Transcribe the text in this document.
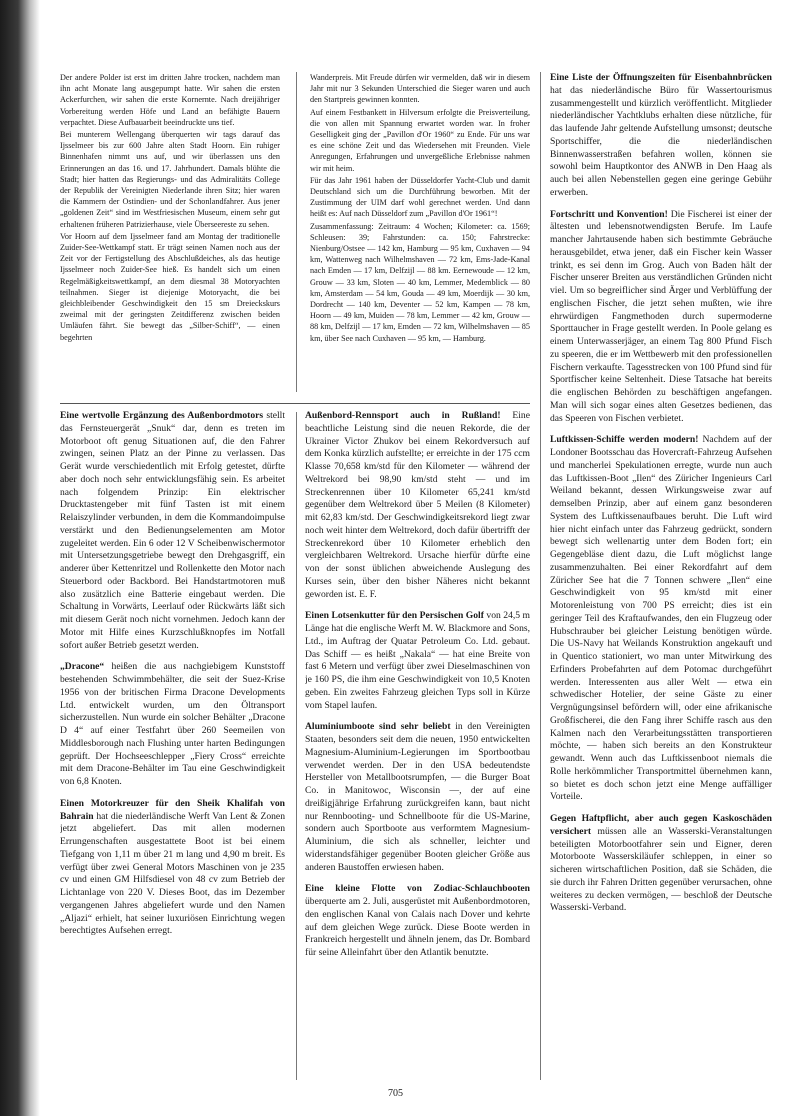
Der andere Polder ist erst im dritten Jahre trocken, nachdem man ihn acht Monate lang ausgepumpt hatte. Wir sahen die ersten Ackerfurchen, wir sahen die erste Kornernte. Nach dreijähriger Vorbereitung werden Höfe und Land an befähigte Bauern verpachtet. Diese Aufbauarbeit beeindruckte uns tief.

Bei munterem Wellengang überquerten wir tags darauf das Ijsselmeer bis zur 600 Jahre alten Stadt Hoorn. Ein ruhiger Binnenhafen nimmt uns auf, und wir überlassen uns den Erinnerungen an das 16. und 17. Jahrhundert. Damals blühte die Stadt; hier hatten das Regierungs- und das Admiralitäts College der Republik der Vereinigten Niederlande ihren Sitz; hier waren die Kammern der Ostindien- und der Schonlandfahrer. Aus jener „goldenen Zeit“ sind im Westfriesischen Museum, einem sehr gut erhaltenen früheren Patrizierhause, viele Überseereste zu sehen.

Vor Hoorn auf dem Ijsselmeer fand am Montag der traditionelle Zuider-See-Wettkampf statt. Er trägt seinen Namen noch aus der Zeit vor der Fertigstellung des Abschlußdeiches, als das heutige Ijsselmeer noch Zuider-See hieß. Es handelt sich um einen Regelmäßigkeitswettkampf, an dem diesmal 38 Motoryachten teilnahmen. Sieger ist diejenige Motoryacht, die bei gleichbleibender Geschwindigkeit den 15 sm Dreieckskurs zweimal mit der geringsten Zeitdifferenz zwischen beiden Umläufen fährt. Sie bewegt das „Silber-Schiff“, — einen begehrten

Wanderpreis. Mit Freude dürfen wir vermelden, daß wir in diesem Jahr mit nur 3 Sekunden Unterschied die Sieger waren und auch den Startpreis gewinnen konnten.

Auf einem Festbankett in Hilversum erfolgte die Preisverteilung, die von allen mit Spannung erwartet worden war. In froher Geselligkeit ging der „Pavillon d'Or 1960“ zu Ende. Für uns war es eine schöne Zeit und das Wiedersehen mit Freunden. Viele Anregungen, Erfahrungen und unvergeßliche Erlebnisse nahmen wir mit heim.

Für das Jahr 1961 haben der Düsseldorfer Yacht-Club und damit Deutschland sich um die Durchführung beworben. Mit der Zustimmung der UIM darf wohl gerechnet werden. Und dann heißt es: Auf nach Düsseldorf zum „Pavillon d'Or 1961“!

Zusammenfassung: Zeitraum: 4 Wochen; Kilometer: ca. 1569; Schleusen: 39; Fahrstunden: ca. 150; Fahrstrecke: Nienburg/Ostsee — 142 km, Hamburg — 95 km, Cuxhaven — 94 km, Wattenweg nach Wilhelmshaven — 72 km, Ems-Jade-Kanal nach Emden — 17 km, Delfzijl — 88 km. Eernewoude — 12 km, Grouw — 33 km, Sloten — 40 km, Lemmer, Medemblick — 80 km, Amsterdam — 54 km, Gouda — 49 km, Moerdijk — 30 km, Dordrecht — 140 km, Deventer — 52 km, Kampen — 78 km, Hoorn — 49 km, Muiden — 78 km, Lemmer — 42 km, Grouw — 88 km, Delfzijl — 17 km, Emden — 72 km, Wilhelmshaven — 85 km, über See nach Cuxhaven — 95 km, — Hamburg.

Eine wertvolle Ergänzung des Außenbordmotors stellt das Fernsteuergerät „Snuk“ dar, denn es treten im Motorboot oft genug Situationen auf, die den Fahrer zwingen, seinen Platz an der Pinne zu verlassen. Das Gerät wurde verschiedentlich mit Erfolg getestet, dürfte aber doch noch sehr entwicklungsfähig sein. Es arbeitet nach folgendem Prinzip: Ein elektrischer Drucktastengeber mit fünf Tasten ist mit einem Relaiszylinder verbunden, in dem die Kommandoimpulse verstärkt und den Bedienungselementen am Motor zugeleitet werden. Ein 6 oder 12 V Scheibenwischermotor mit Untersetzungsgetriebe bewegt den Drehgasgriff, ein anderer über Kettenritzel und Rollenkette den Motor nach Steuerbord oder Backbord. Bei Handstartmotoren muß also zusätzlich eine Batterie eingebaut werden. Die Schaltung in Vorwärts, Leerlauf oder Rückwärts läßt sich mit diesem Gerät noch nicht vornehmen. Jedoch kann der Motor mit Hilfe eines Kurzschlußknopfes im Notfall sofort außer Betrieb gesetzt werden.

„Dracone“ heißen die aus nachgiebigem Kunststoff bestehenden Schwimmbehälter, die seit der Suez-Krise 1956 von der britischen Firma Dracone Developments Ltd. entwickelt wurden, um den Öltransport sicherzustellen. Nun wurde ein solcher Behälter „Dracone D 4“ auf einer Testfahrt über 260 Seemeilen von Middlesborough nach Flushing unter harten Bedingungen geprüft. Der Hochseeschlepper „Fiery Cross“ erreichte mit dem Dracone-Behälter im Tau eine Geschwindigkeit von 6,8 Knoten.

Einen Motorkreuzer für den Sheik Khalifah von Bahrain hat die niederländische Werft Van Lent & Zonen jetzt abgeliefert. Das mit allen modernen Errungenschaften ausgestattete Boot ist bei einem Tiefgang von 1,11 m über 21 m lang und 4,90 m breit. Es verfügt über zwei General Motors Maschinen von je 235 cv und einen GM Hilfsdiesel von 48 cv zum Betrieb der Lichtanlage von 220 V. Dieses Boot, das im Dezember vergangenen Jahres abgeliefert wurde und den Namen „Aljazi“ erhielt, hat seiner luxuriösen Einrichtung wegen berechtigtes Aufsehen erregt.

Außenbord-Rennsport auch in Rußland! Eine beachtliche Leistung sind die neuen Rekorde, die der Ukrainer Victor Zhukov bei einem Rekordversuch auf dem Konka kürzlich aufstellte; er erreichte in der 175 ccm Klasse 70,658 km/std für den Kilometer — während der Weltrekord bei 98,90 km/std steht — und im Streckenrennen über 10 Kilometer 65,241 km/std gegenüber dem Weltrekord über 5 Meilen (8 Kilometer) mit 62,83 km/std. Der Geschwindigkeitsrekord liegt zwar noch weit hinter dem Weltrekord, doch dafür übertrifft der Streckenrekord über 10 Kilometer erheblich den vergleichbaren Weltrekord. Ursache hierfür dürfte eine von der sonst üblichen abweichende Auslegung des Kurses sein, über den bisher Näheres nicht bekannt geworden ist. E. F.

Einen Lotsenkutter für den Persischen Golf von 24,5 m Länge hat die englische Werft M. W. Blackmore and Sons, Ltd., im Auftrag der Quatar Petroleum Co. Ltd. gebaut. Das Schiff — es heißt „Nakala“ — hat eine Breite von fast 6 Metern und verfügt über zwei Dieselmaschinen von je 160 PS, die ihm eine Geschwindigkeit von 10,5 Knoten geben. Ein zweites Fahrzeug gleichen Typs soll in Kürze vom Stapel laufen.

Aluminiumboote sind sehr beliebt in den Vereinigten Staaten, besonders seit dem die neuen, 1950 entwickelten Magnesium-Aluminium-Legierungen im Sportbootbau verwendet werden. Der in den USA bedeutendste Hersteller von Metallbootsrumpfen, — die Burger Boat Co. in Manitowoc, Wisconsin —, der auf eine dreißigjährige Erfahrung zurückgreifen kann, baut nicht nur Rennbooting- und Schnellboote für die US-Marine, sondern auch Sportboote aus verformtem Magnesium-Aluminium, die sich als schneller, leichter und widerstandsfähiger gegenüber Booten gleicher Größe aus anderen Baustoffen erwiesen haben.

Eine kleine Flotte von Zodiac-Schlauchbooten überquerte am 2. Juli, ausgerüstet mit Außenbordmotoren, den englischen Kanal von Calais nach Dover und kehrte auf dem gleichen Wege zurück. Diese Boote werden in Frankreich hergestellt und ähneln jenem, das Dr. Bombard für seine Alleinfahrt über den Atlantik benutzte.

Eine Liste der Öffnungszeiten für Eisenbahnbrücken hat das niederländische Büro für Wassertourismus zusammengestellt und kürzlich veröffentlicht. Mitglieder niederländischer Yachtklubs erhalten diese nützliche, für das laufende Jahr geltende Aufstellung umsonst; deutsche Sportschiffer, die die niederländischen Binnenwasserstraßen befahren wollen, können sie sowohl beim Hauptkontor des ANWB in Den Haag als auch bei allen Nebenstellen gegen eine geringe Gebühr erwerben.

Fortschritt und Konvention! Die Fischerei ist einer der ältesten und lebensnotwendigsten Berufe. Im Laufe mancher Jahrtausende haben sich bestimmte Gebräuche herausgebildet, etwa jener, daß ein Fischer kein Wasser trinkt, es sei denn im Grog. Auch von Baden hält der Fischer unserer Breiten aus verständlichen Gründen nicht viel. Um so begreiflicher sind Ärger und Verblüffung der englischen Fischer, die jetzt sehen mußten, wie ihre ehrwürdigen Fangmethoden durch supermoderne Sporttaucher in Frage gestellt werden. In Poole gelang es einem Unterwasserjäger, an einem Tag 800 Pfund Fisch zu speeren, die er im Wettbewerb mit den professionellen Fischern verkaufte. Tagesstrecken von 100 Pfund sind für Sportfischer keine Seltenheit. Diese Tatsache hat bereits die englischen Behörden zu beschäftigen angefangen. Man will sich sogar eines alten Gesetzes bedienen, das das Speeren von Fischen verbietet.

Luftkissen-Schiffe werden modern! Nachdem auf der Londoner Bootsschau das Hovercraft-Fahrzeug Aufsehen und mancherlei Spekulationen erregte, wurde nun auch das Luftkissen-Boot „Ilen“ des Züricher Ingenieurs Carl Weiland bekannt, dessen Wirkungsweise zwar auf demselben Prinzip, aber auf einem ganz besonderen System des Luftkissenaufbaues beruht. Die Luft wird hier nicht einfach unter das Fahrzeug gedrückt, sondern bewegt sich wellenartig unter dem Boden fort; ein Gegengebläse dient dazu, die Luft möglichst lange zusammenzuhalten. Bei einer Rekordfahrt auf dem Züricher See hat die 7 Tonnen schwere „Ilen“ eine Geschwindigkeit von 95 km/std mit einer Motorenleistung von 700 PS erreicht; dies ist ein geringer Teil des Kraftaufwandes, den ein Flugzeug oder Hubschrauber bei gleicher Leistung benötigen würde. Die US-Navy hat Weilands Konstruktion angekauft und in Quentico stationiert, wo man unter Mitwirkung des Erfinders Probefahrten auf dem Potomac durchgeführt werden. Interessenten aus aller Welt — etwa ein schwedischer Hotelier, der seine Gäste zu einer Vergnügungsinsel befördern will, oder eine afrikanische Großfischerei, die den Fang ihrer Schiffe rasch aus den Kalmen nach den Verarbeitungsstätten transportieren möchte, — haben sich bereits an den Konstrukteur gewandt. Wenn auch das Luftkissenboot niemals die Rolle herkömmlicher Transportmittel übernehmen kann, so bietet es doch schon jetzt eine Menge auffälliger Vorteile.

Gegen Haftpflicht, aber auch gegen Kaskoschäden versichert müssen alle an Wasserski-Veranstaltungen beteiligten Motorbootfahrer sein und Eigner, deren Motorboote Wasserskiläufer schleppen, in einer so sicheren wirtschaftlichen Position, daß sie Schäden, die sie durch ihr Fahren Dritten gegenüber verursachen, ohne weiteres zu decken vermögen, — beschloß der Deutsche Wasserski-Verband.

705
